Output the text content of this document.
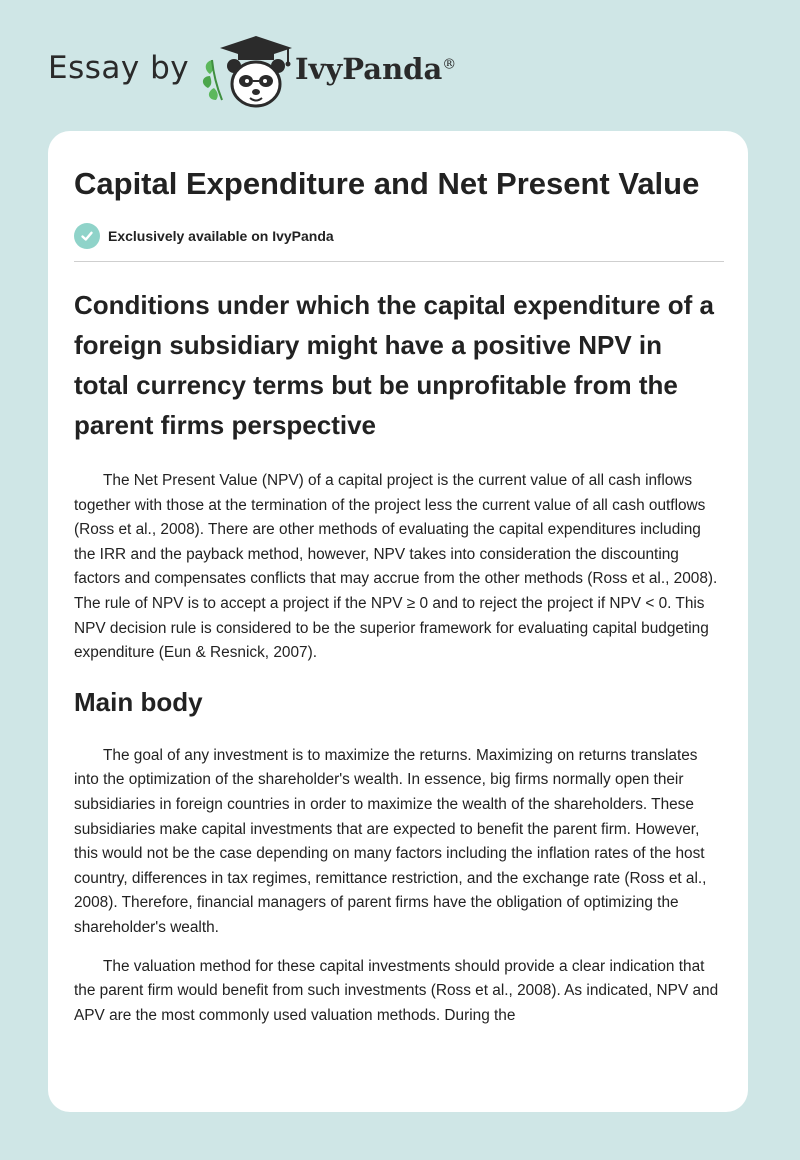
Essay by	IvyPanda®
Capital Expenditure and Net Present Value
Exclusively available on IvyPanda
Conditions under which the capital expenditure of a foreign subsidiary might have a positive NPV in total currency terms but be unprofitable from the parent firms perspective

The Net Present Value (NPV) of a capital project is the current value of all cash inflows together with those at the termination of the project less the current value of all cash outflows (Ross et al., 2008). There are other methods of evaluating the capital expenditures including the IRR and the payback method, however, NPV takes into consideration the discounting factors and compensates conflicts that may accrue from the other methods (Ross et al., 2008). The rule of NPV is to accept a project if the NPV ≥ 0 and to reject the project if NPV < 0. This NPV decision rule is considered to be the superior framework for evaluating capital budgeting expenditure (Eun & Resnick, 2007).

Main body

The goal of any investment is to maximize the returns. Maximizing on returns translates into the optimization of the shareholder's wealth. In essence, big firms normally open their subsidiaries in foreign countries in order to maximize the wealth of the shareholders. These subsidiaries make capital investments that are expected to benefit the parent firm. However, this would not be the case depending on many factors including the inflation rates of the host country, differences in tax regimes, remittance restriction, and the exchange rate (Ross et al., 2008). Therefore, financial managers of parent firms have the obligation of optimizing the shareholder's wealth.

The valuation method for these capital investments should provide a clear indication that the parent firm would benefit from such investments (Ross et al., 2008). As indicated, NPV and APV are the most commonly used valuation methods. During the
